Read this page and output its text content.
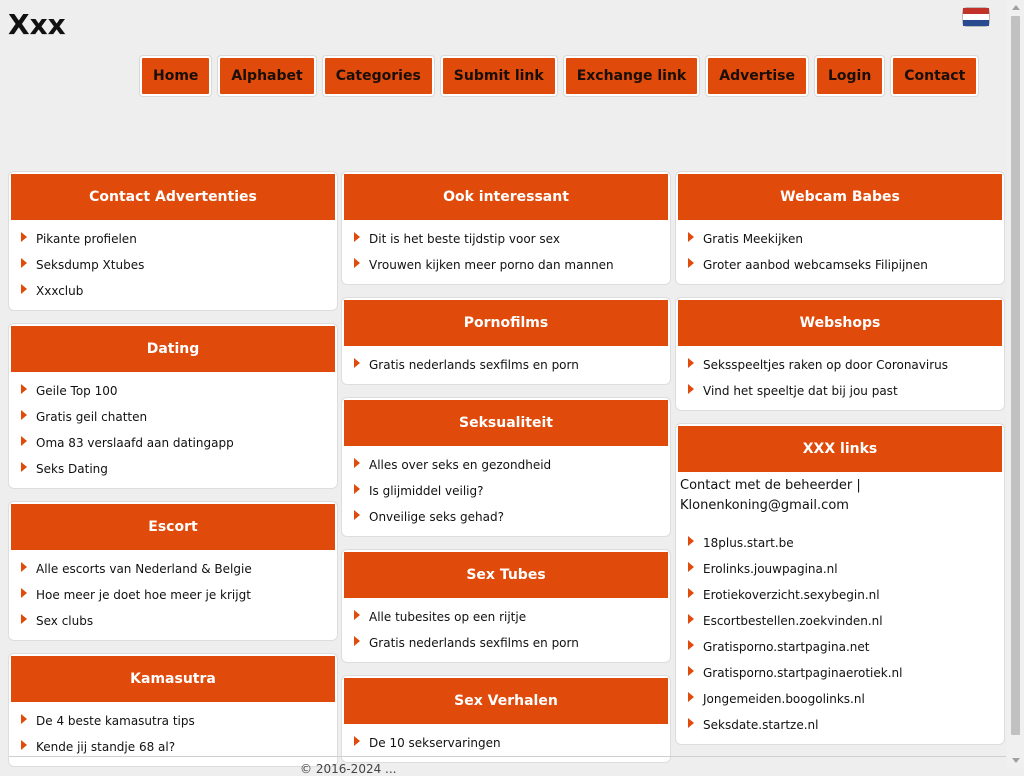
Xxx
Home	Alphabet	Categories	Submit link	Exchange link	Advertise	Login	Contact
Contact Advertenties
Pikante profielen
Seksdump Xtubes
Xxxclub
Dating
Geile Top 100
Gratis geil chatten
Oma 83 verslaafd aan datingapp
Seks Dating
Escort
Alle escorts van Nederland & Belgie
Hoe meer je doet hoe meer je krijgt
Sex clubs
Kamasutra
De 4 beste kamasutra tips
Kende jij standje 68 al?
Ook interessant
Dit is het beste tijdstip voor sex
Vrouwen kijken meer porno dan mannen
Pornofilms
Gratis nederlands sexfilms en porn
Seksualiteit
Alles over seks en gezondheid
Is glijmiddel veilig?
Onveilige seks gehad?
Sex Tubes
Alle tubesites op een rijtje
Gratis nederlands sexfilms en porn
Sex Verhalen
De 10 sekservaringen
Webcam Babes
Gratis Meekijken
Groter aanbod webcamseks Filipijnen
Webshops
Seksspeeltjes raken op door Coronavirus
Vind het speeltje dat bij jou past
XXX links
Contact met de beheerder | Klonenkoning@gmail.com
18plus.start.be
Erolinks.jouwpagina.nl
Erotiekoverzicht.sexybegin.nl
Escortbestellen.zoekvinden.nl
Gratisporno.startpagina.net
Gratisporno.startpaginaerotiek.nl
Jongemeiden.boogolinks.nl
Seksdate.startze.nl
© 2016-2024 ...
